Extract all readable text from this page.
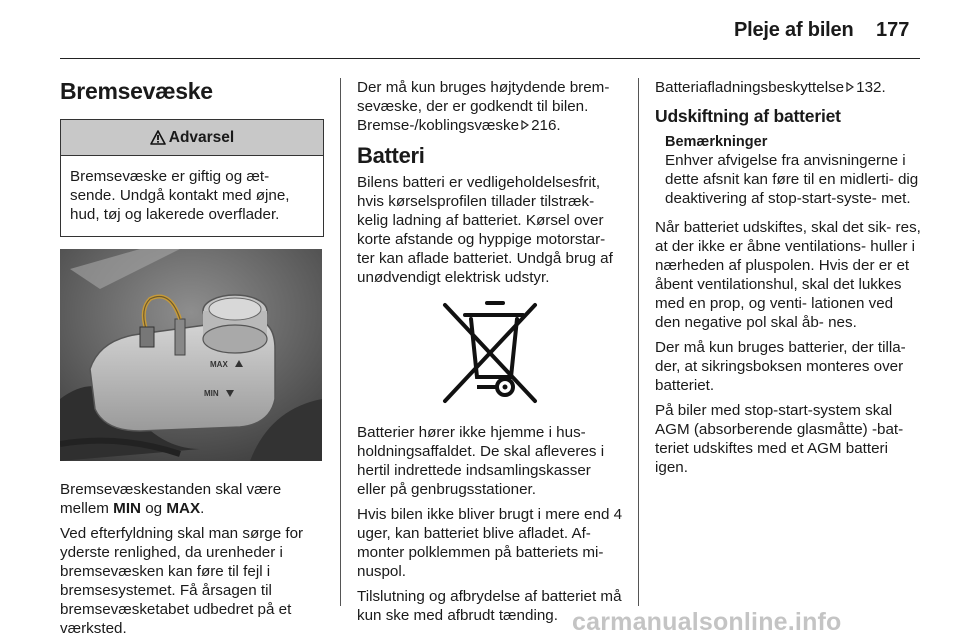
Pleje af bilen 177
Bremsevæske
Advarsel
Bremsevæske er giftig og æt- sende. Undgå kontakt med øjne, hud, tøj og lakerede overflader.
MAX
MIN

Bremsevæskestanden skal være mellem MIN og MAX.

Ved efterfyldning skal man sørge for yderste renlighed, da urenheder i bremsevæsken kan føre til fejl i bremsesystemet. Få årsagen til bremsevæsketabet udbedret på et værksted.

Der må kun bruges højtydende brem- sevæske, der er godkendt til bilen.

Bremse-/koblingsvæske 216.

Batteri

Bilens batteri er vedligeholdelsesfrit, hvis kørselsprofilen tillader tilstræk- kelig ladning af batteriet. Kørsel over korte afstande og hyppige motorstar- ter kan aflade batteriet. Undgå brug af unødvendigt elektrisk udstyr.

Batterier hører ikke hjemme i hus- holdningsaffaldet. De skal afleveres i hertil indrettede indsamlingskasser eller på genbrugsstationer.

Hvis bilen ikke bliver brugt i mere end 4 uger, kan batteriet blive afladet. Af- monter polklemmen på batteriets mi- nuspol.

Tilslutning og afbrydelse af batteriet må kun ske med afbrudt tænding.

Batteriafladningsbeskyttelse 132.

Udskiftning af batteriet
Bemærkninger
Enhver afvigelse fra anvisningerne i dette afsnit kan føre til en midlerti- dig deaktivering af stop-start-syste- met.

Når batteriet udskiftes, skal det sik- res, at der ikke er åbne ventilations- huller i nærheden af pluspolen. Hvis der er et åbent ventilationshul, skal det lukkes med en prop, og venti- lationen ved den negative pol skal åb- nes.

Der må kun bruges batterier, der tilla- der, at sikringsboksen monteres over batteriet.

På biler med stop-start-system skal AGM (absorberende glasmåtte) -bat- teriet udskiftes med et AGM batteri igen.

carmanualsonline.info
